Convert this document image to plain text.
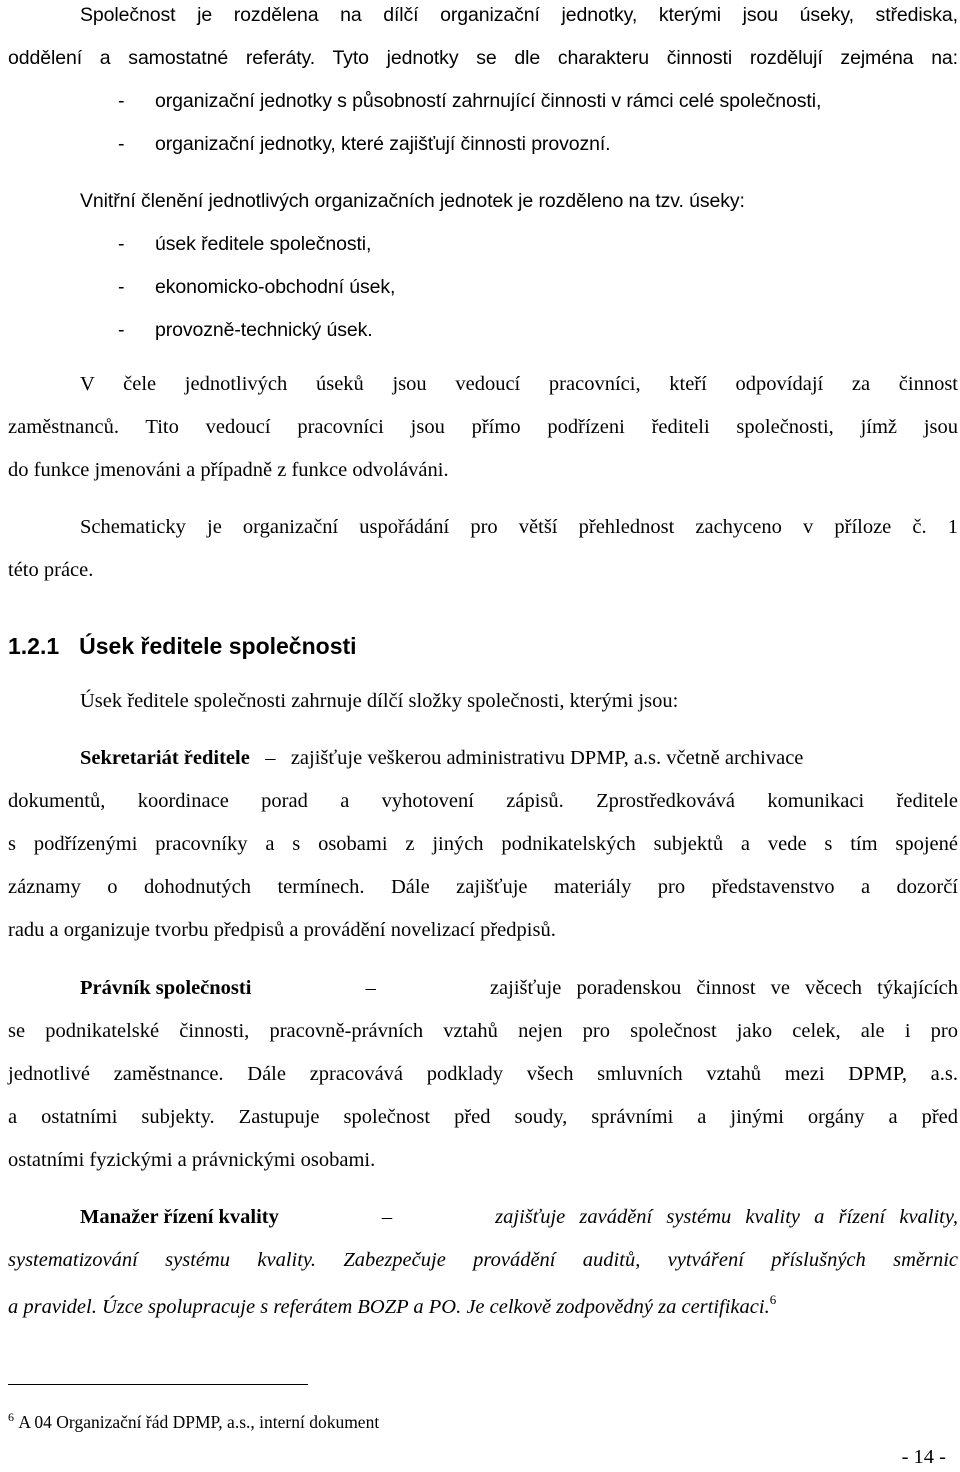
Společnost je rozdělena na dílčí organizační jednotky, kterými jsou úseky, střediska,
oddělení a samostatné referáty. Tyto jednotky se dle charakteru činnosti rozdělují zejména na:
- organizační jednotky s působností zahrnující činnosti v rámci celé společnosti,
- organizační jednotky, které zajišťují činnosti provozní.
Vnitřní členění jednotlivých organizačních jednotek je rozděleno na tzv. úseky:
- úsek ředitele společnosti,
- ekonomicko-obchodní úsek,
- provozně-technický úsek.
V čele jednotlivých úseků jsou vedoucí pracovníci, kteří odpovídají za činnost
zaměstnanců. Tito vedoucí pracovníci jsou přímo podřízeni řediteli společnosti, jímž jsou
do funkce jmenováni a případně z funkce odvoláváni.
Schematicky je organizační uspořádání pro větší přehlednost zachyceno v příloze č. 1
této práce.
1.2.1 Úsek ředitele společnosti
Úsek ředitele společnosti zahrnuje dílčí složky společnosti, kterými jsou:
Sekretariát ředitele – zajišťuje veškerou administrativu DPMP, a.s. včetně archivace
dokumentů, koordinace porad a vyhotovení zápisů. Zprostředkovává komunikaci ředitele
s podřízenými pracovníky a s osobami z jiných podnikatelských subjektů a vede s tím spojené
záznamy o dohodnutých termínech. Dále zajišťuje materiály pro představenstvo a dozorčí
radu a organizuje tvorbu předpisů a provádění novelizací předpisů.
Právník společnosti	–	zajišťuje poradenskou činnost ve věcech týkajících
se podnikatelské činnosti, pracovně-právních vztahů nejen pro společnost jako celek, ale i pro
jednotlivé zaměstnance. Dále zpracovává podklady všech smluvních vztahů mezi DPMP, a.s.
a ostatními subjekty. Zastupuje společnost před soudy, správními a jinými orgány a před
ostatními fyzickými a právnickými osobami.
Manažer řízení kvality	–	zajišťuje zavádění systému kvality a řízení kvality,
systematizování systému kvality. Zabezpečuje provádění auditů, vytváření příslušných směrnic
a pravidel. Úzce spolupracuje s referátem BOZP a PO. Je celkově zodpovědný za certifikaci.$^6$
$^6$ A 04 Organizační řád DPMP, a.s., interní dokument
- 14 -
